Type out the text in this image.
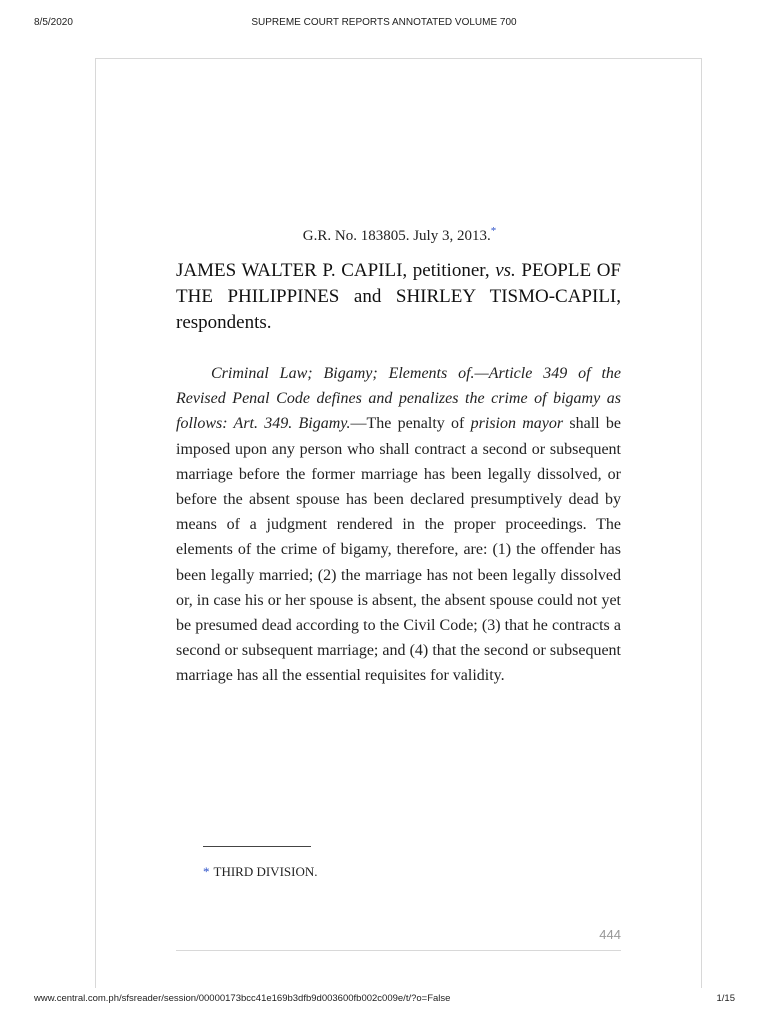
8/5/2020	SUPREME COURT REPORTS ANNOTATED VOLUME 700
G.R. No. 183805. July 3, 2013.*
JAMES WALTER P. CAPILI, petitioner, vs. PEOPLE OF THE PHILIPPINES and SHIRLEY TISMO-CAPILI, respondents.
Criminal Law; Bigamy; Elements of.—Article 349 of the Revised Penal Code defines and penalizes the crime of bigamy as follows: Art. 349. Bigamy.—The penalty of prision mayor shall be imposed upon any person who shall contract a second or subsequent marriage before the former marriage has been legally dissolved, or before the absent spouse has been declared presumptively dead by means of a judgment rendered in the proper proceedings. The elements of the crime of bigamy, therefore, are: (1) the offender has been legally married; (2) the marriage has not been legally dissolved or, in case his or her spouse is absent, the absent spouse could not yet be presumed dead according to the Civil Code; (3) that he contracts a second or subsequent marriage; and (4) that the second or subsequent marriage has all the essential requisites for validity.
* THIRD DIVISION.
444
www.central.com.ph/sfsreader/session/00000173bcc41e169b3dfb9d003600fb002c009e/t/?o=False	1/15
